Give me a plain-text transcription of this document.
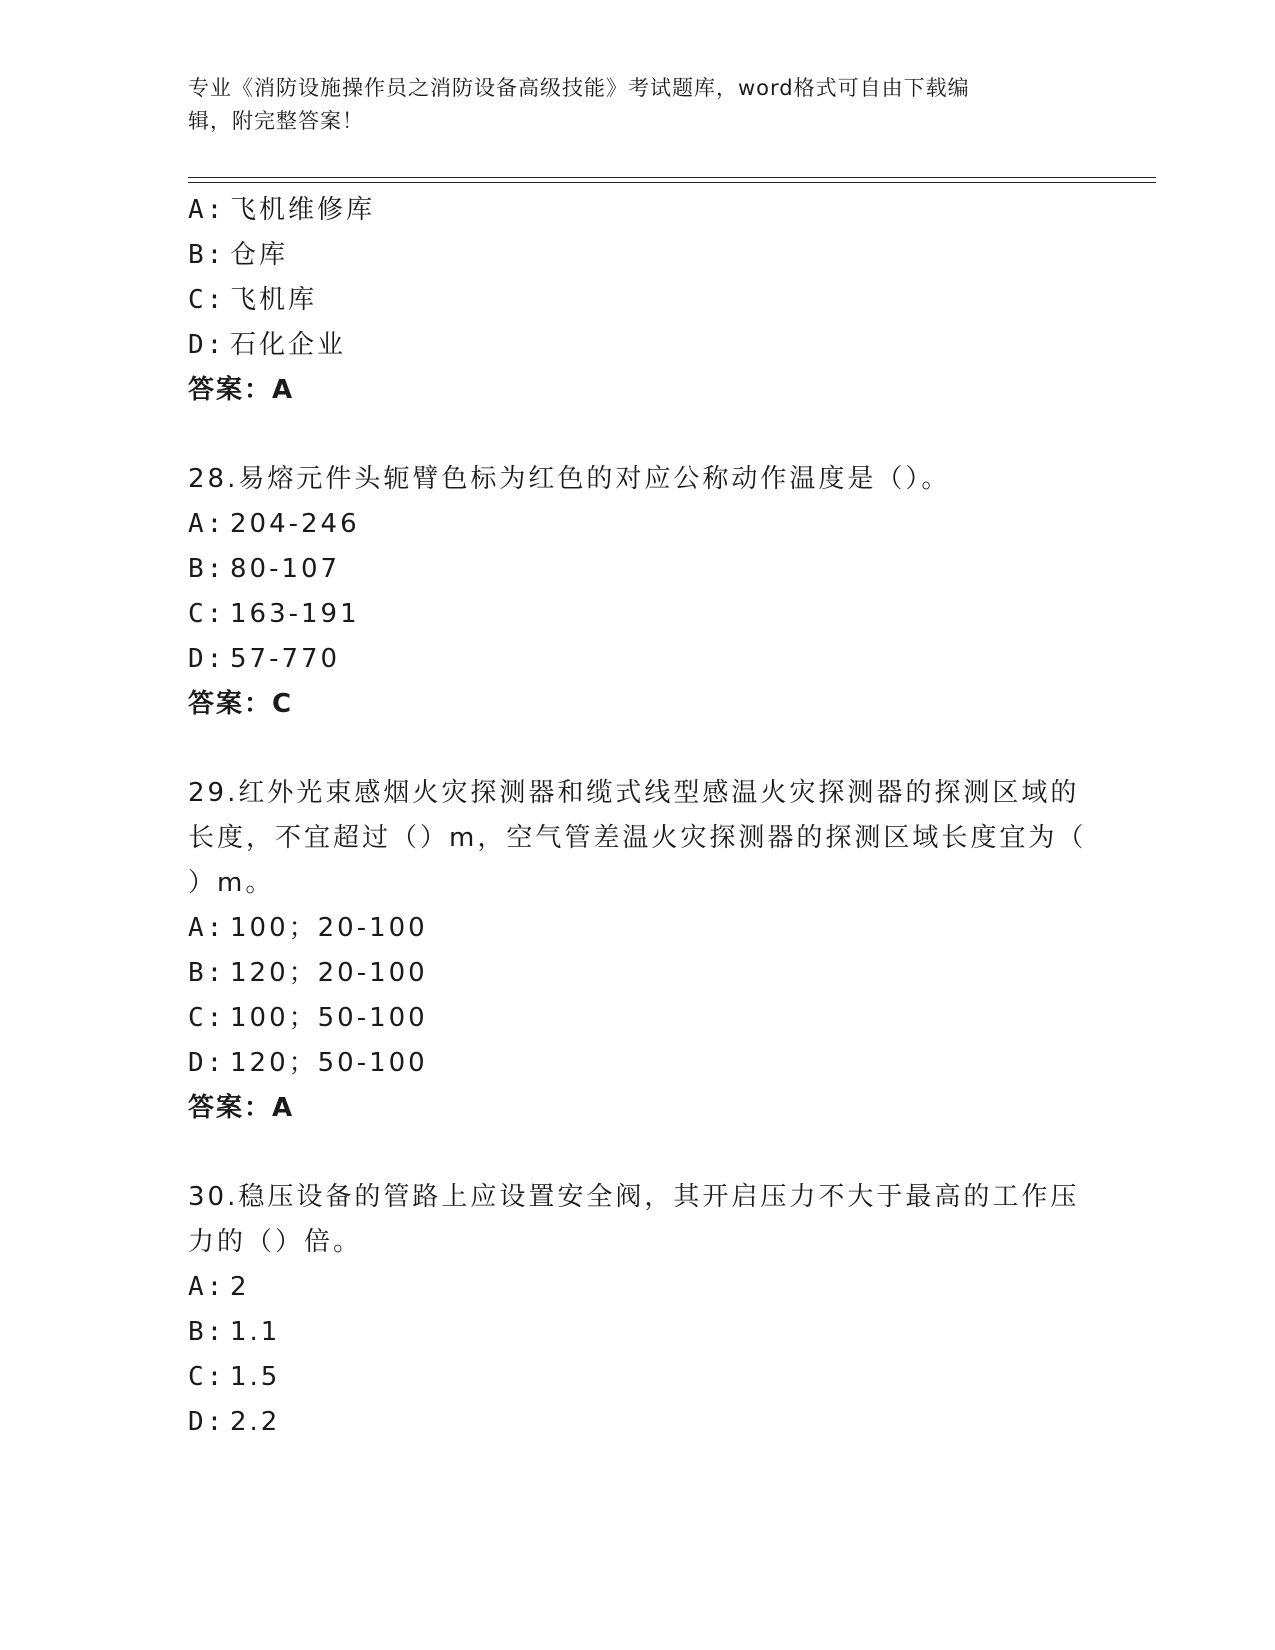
专业《消防设施操作员之消防设备高级技能》考试题库，word格式可自由下载编
辑，附完整答案！
A: 飞机维修库
B: 仓库
C: 飞机库
D: 石化企业
答案：A
28.易熔元件头轭臂色标为红色的对应公称动作温度是（）。
A: 204-246
B: 80-107
C: 163-191
D: 57-770
答案：C
29.红外光束感烟火灾探测器和缆式线型感温火灾探测器的探测区域的
长度，不宜超过（）m，空气管差温火灾探测器的探测区域长度宜为（
）m。
A: 100；20-100
B: 120；20-100
C: 100；50-100
D: 120；50-100
答案：A
30.稳压设备的管路上应设置安全阀，其开启压力不大于最高的工作压
力的（）倍。
A: 2
B: 1.1
C: 1.5
D: 2.2
